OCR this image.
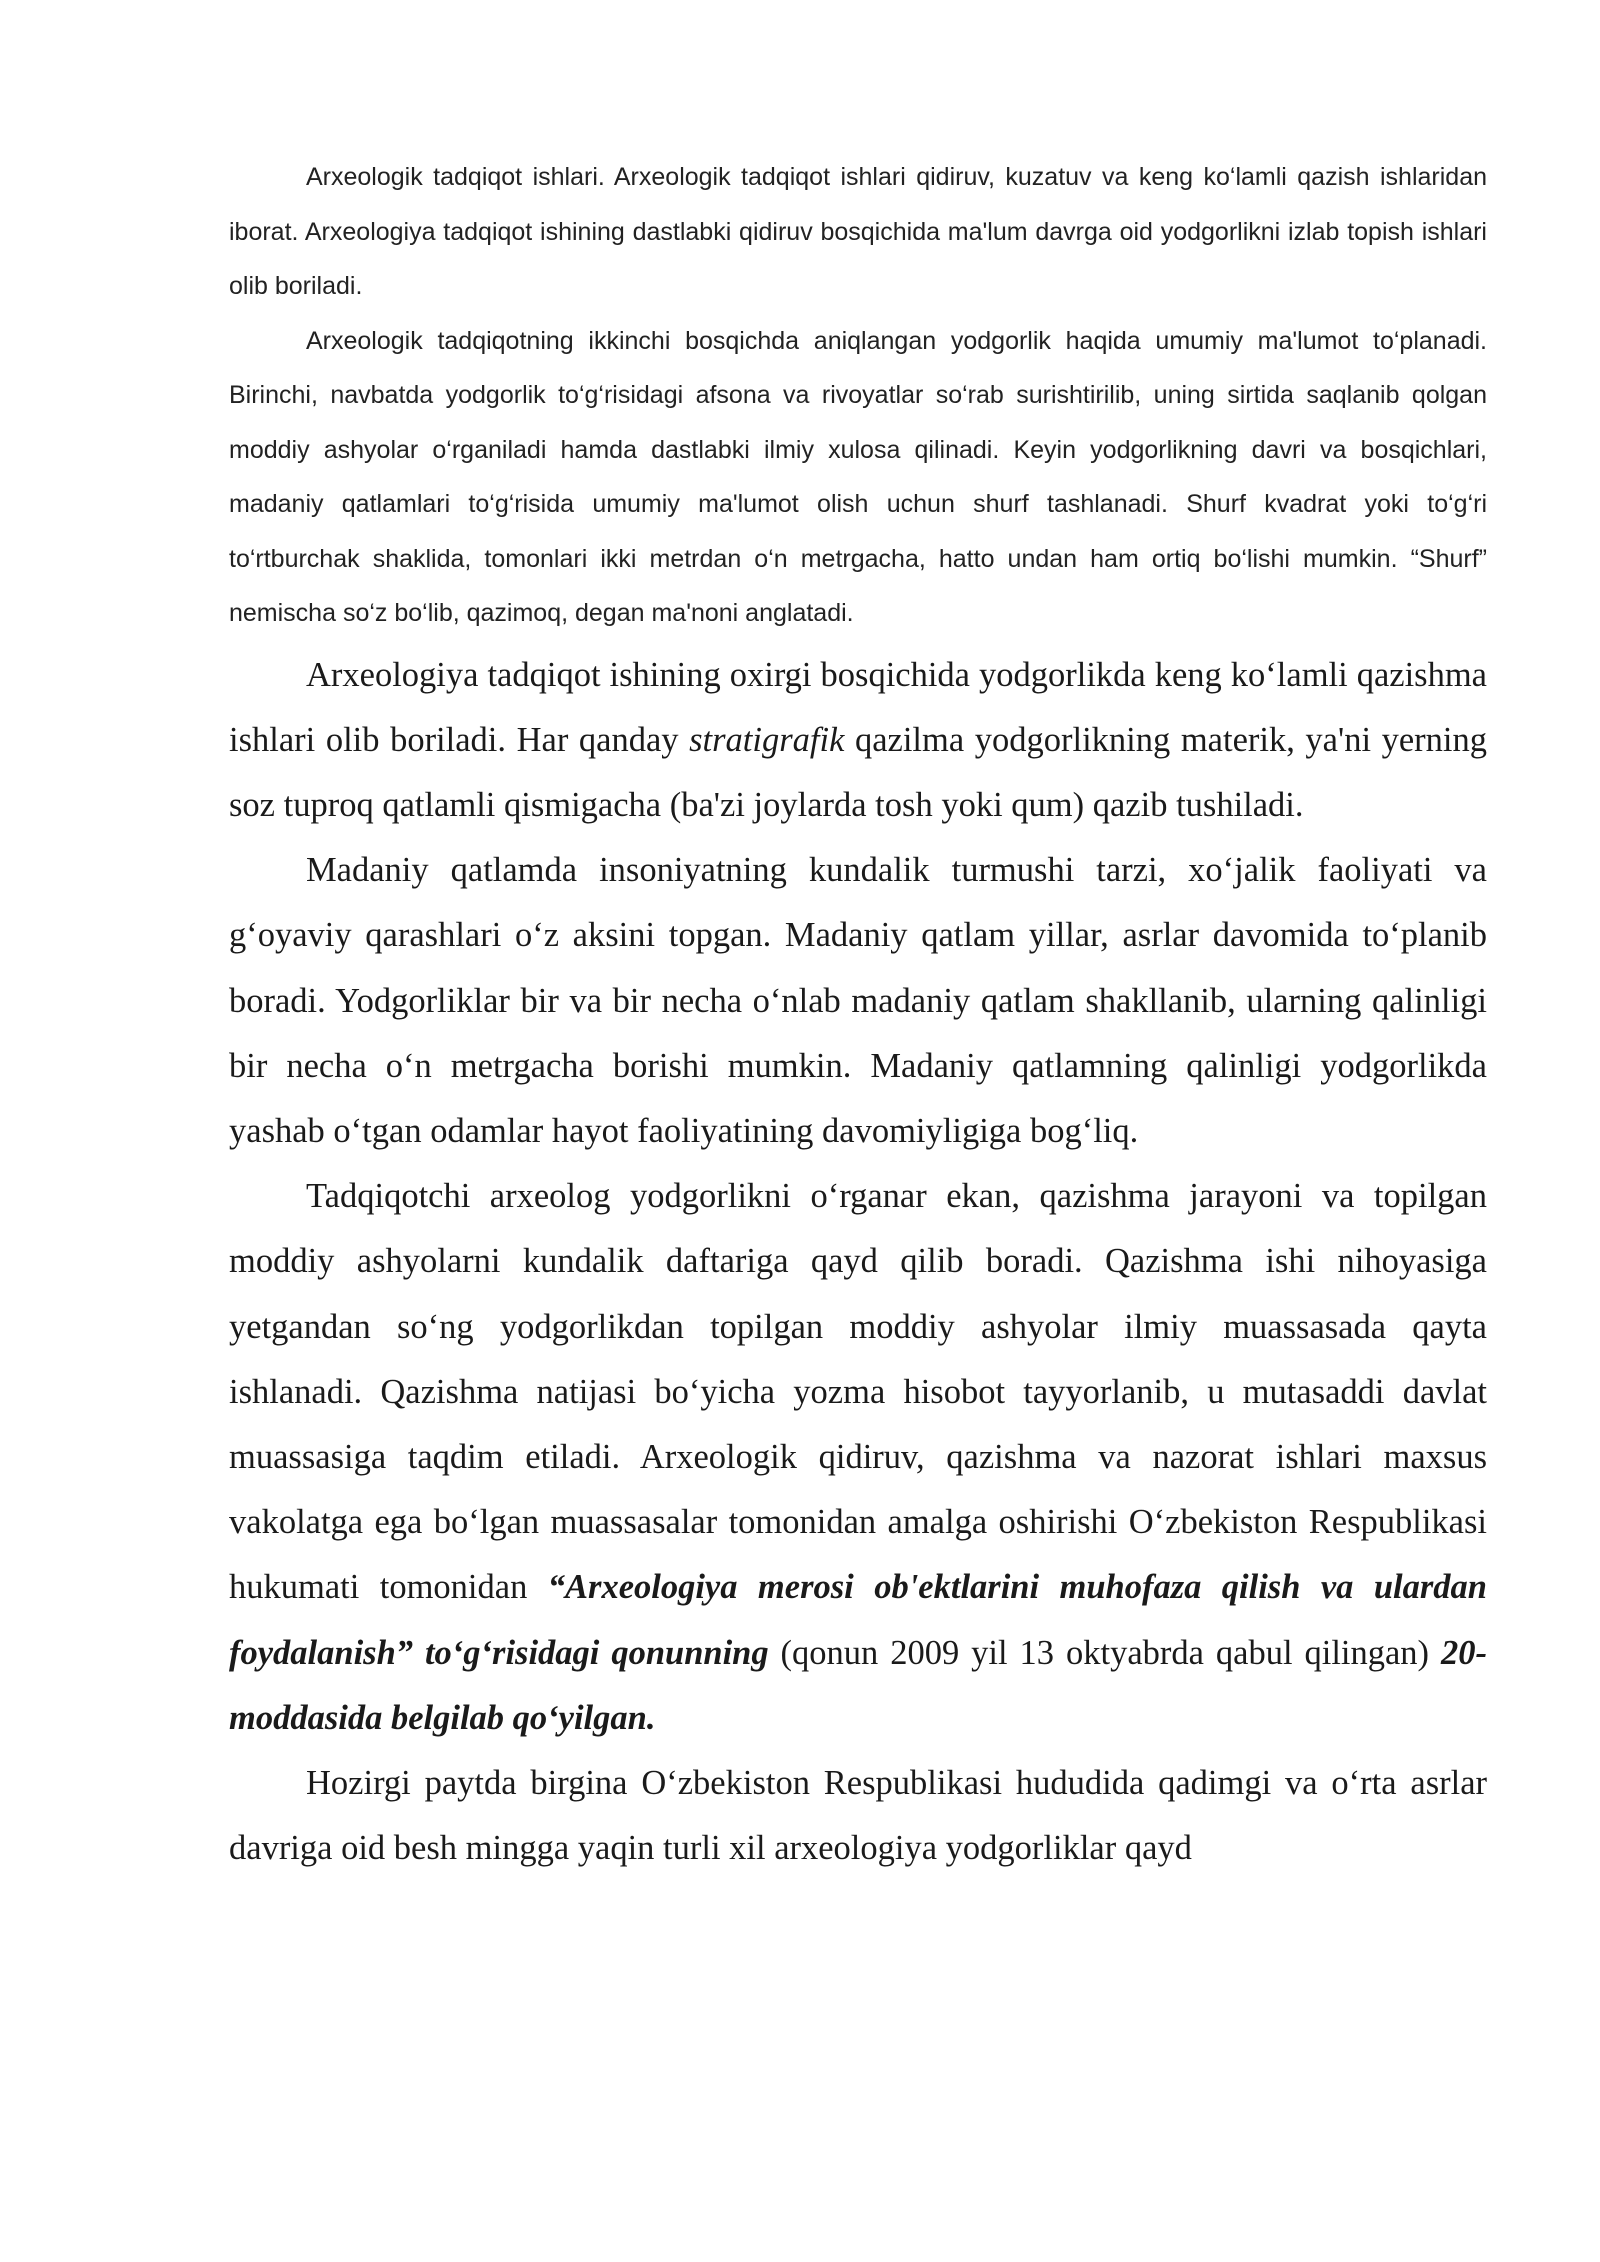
Arxeologik tadqiqot ishlari. Arxeologik tadqiqot ishlari qidiruv, kuzatuv va keng ko‘lamli qazish ishlaridan iborat. Arxeologiya tadqiqot ishining dastlabki qidiruv bosqichida ma'lum davrga oid yodgorlikni izlab topish ishlari olib boriladi.

Arxeologik tadqiqotning ikkinchi bosqichda aniqlangan yodgorlik haqida umumiy ma'lumot to‘planadi. Birinchi, navbatda yodgorlik to‘g‘risidagi afsona va rivoyatlar so‘rab surishtirilib, uning sirtida saqlanib qolgan moddiy ashyolar o‘rganiladi hamda dastlabki ilmiy xulosa qilinadi. Keyin yodgorlikning davri va bosqichlari, madaniy qatlamlari to‘g‘risida umumiy ma'lumot olish uchun shurf tashlanadi. Shurf kvadrat yoki to‘g‘ri to‘rtburchak shaklida, tomonlari ikki metrdan o‘n metrgacha, hatto undan ham ortiq bo‘lishi mumkin. “Shurf” nemischa so‘z bo‘lib, qazimoq, degan ma'noni anglatadi.

Arxeologiya tadqiqot ishining oxirgi bosqichida yodgorlikda keng ko‘lamli qazishma ishlari olib boriladi. Har qanday stratigrafik qazilma yodgorlikning materik, ya'ni yerning soz tuproq qatlamli qismigacha (ba'zi joylarda tosh yoki qum) qazib tushiladi.

Madaniy qatlamda insoniyatning kundalik turmushi tarzi, xo‘jalik faoliyati va g‘oyaviy qarashlari o‘z aksini topgan. Madaniy qatlam yillar, asrlar davomida to‘planib boradi. Yodgorliklar bir va bir necha o‘nlab madaniy qatlam shakllanib, ularning qalinligi bir necha o‘n metrgacha borishi mumkin. Madaniy qatlamning qalinligi yodgorlikda yashab o‘tgan odamlar hayot faoliyatining davomiyligiga bog‘liq.

Tadqiqotchi arxeolog yodgorlikni o‘rganar ekan, qazishma jarayoni va topilgan moddiy ashyolarni kundalik daftariga qayd qilib boradi. Qazishma ishi nihoyasiga yetgandan so‘ng yodgorlikdan topilgan moddiy ashyolar ilmiy muassasada qayta ishlanadi. Qazishma natijasi bo‘yicha yozma hisobot tayyorlanib, u mutasaddi davlat muassasiga taqdim etiladi. Arxeologik qidiruv, qazishma va nazorat ishlari maxsus vakolatga ega bo‘lgan muassasalar tomonidan amalga oshirishi O‘zbekiston Respublikasi hukumati tomonidan “Arxeologiya merosi ob'ektlarini muhofaza qilish va ulardan foydalanish” to‘g‘risidagi qonunning (qonun 2009 yil 13 oktyabrda qabul qilingan) 20-moddasida belgilab qo‘yilgan.

Hozirgi paytda birgina O‘zbekiston Respublikasi hududida qadimgi va o‘rta asrlar davriga oid besh mingga yaqin turli xil arxeologiya yodgorliklar qayd
